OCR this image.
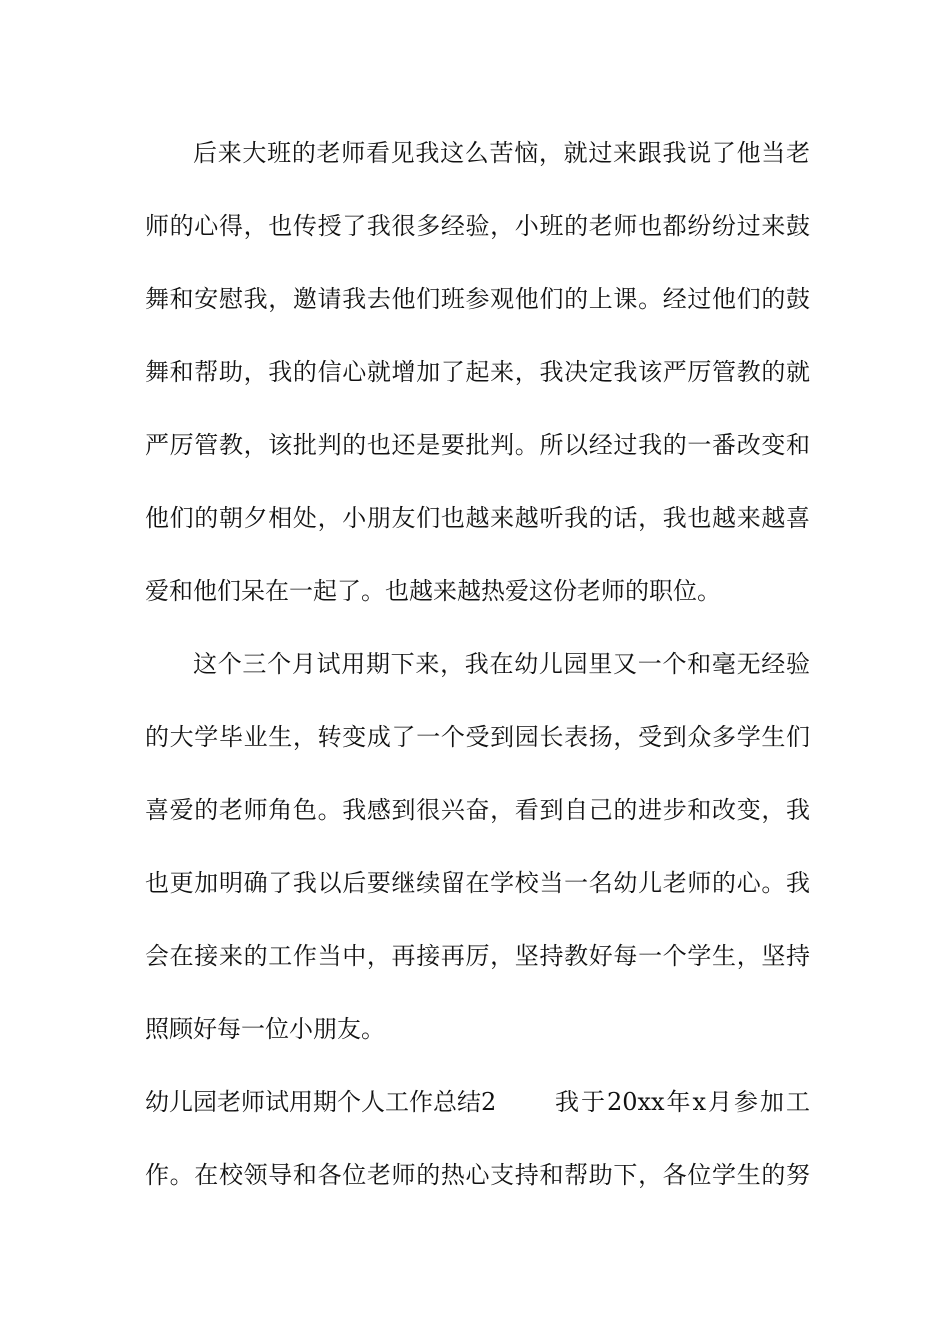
后来大班的老师看见我这么苦恼，就过来跟我说了他当老
师的心得，也传授了我很多经验，小班的老师也都纷纷过来鼓
舞和安慰我，邀请我去他们班参观他们的上课。经过他们的鼓
舞和帮助，我的信心就增加了起来，我决定我该严厉管教的就
严厉管教，该批判的也还是要批判。所以经过我的一番改变和
他们的朝夕相处，小朋友们也越来越听我的话，我也越来越喜
爱和他们呆在一起了。也越来越热爱这份老师的职位。
这个三个月试用期下来，我在幼儿园里又一个和毫无经验
的大学毕业生，转变成了一个受到园长表扬，受到众多学生们
喜爱的老师角色。我感到很兴奋，看到自己的进步和改变，我
也更加明确了我以后要继续留在学校当一名幼儿老师的心。我
会在接来的工作当中，再接再厉，坚持教好每一个学生，坚持
照顾好每一位小朋友。
幼儿园老师试用期个人工作总结2 我于20xx年x月参加工
作。在校领导和各位老师的热心支持和帮助下，各位学生的努
